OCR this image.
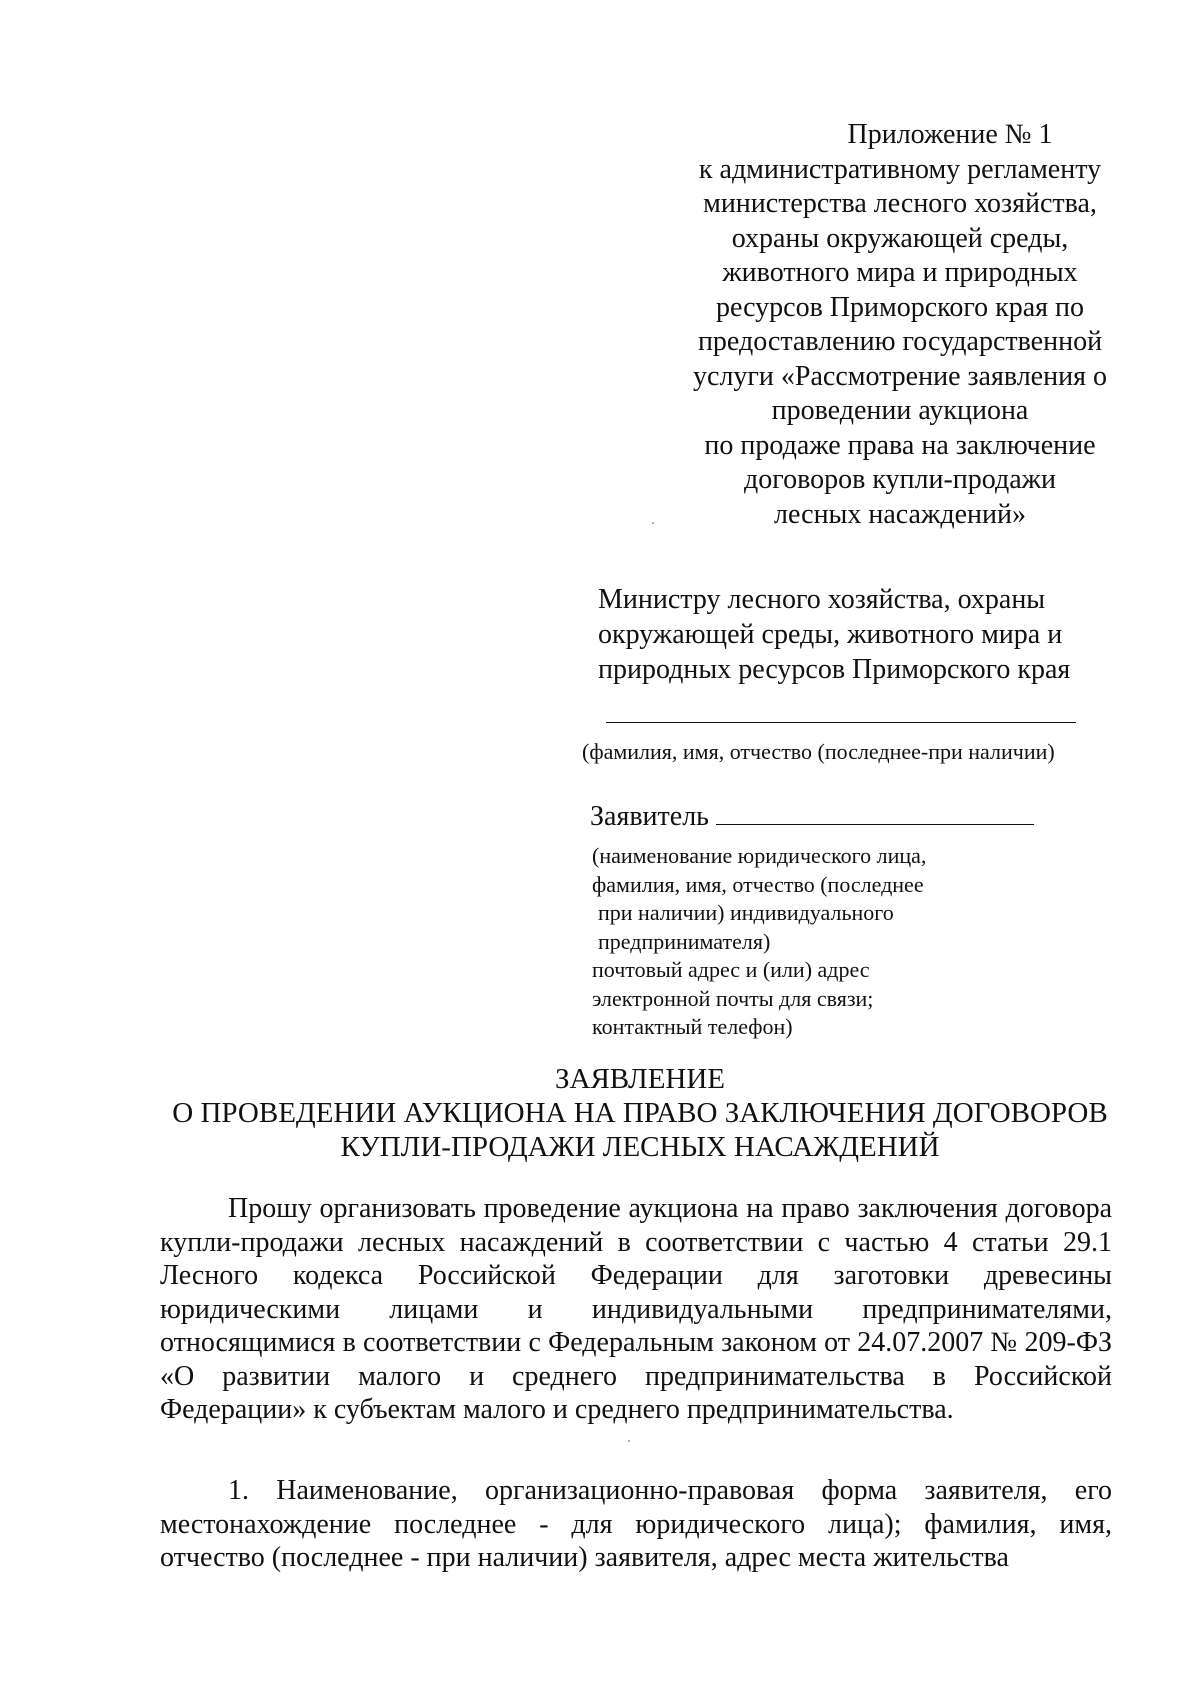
Приложение № 1
к административному регламенту
министерства лесного хозяйства,
охраны окружающей среды,
животного мира и природных
ресурсов Приморского края по
предоставлению государственной
услуги «Рассмотрение заявления о
проведении аукциона
по продаже права на заключение
договоров купли-продажи
лесных насаждений»
Министру лесного хозяйства, охраны
окружающей среды, животного мира и
природных ресурсов Приморского края
(фамилия, имя, отчество (последнее-при наличии)
Заявитель
(наименование юридического лица,
фамилия, имя, отчество (последнее
при наличии) индивидуального
предпринимателя)
почтовый адрес и (или) адрес
электронной почты для связи;
контактный телефон)
ЗАЯВЛЕНИЕ
О ПРОВЕДЕНИИ АУКЦИОНА НА ПРАВО ЗАКЛЮЧЕНИЯ ДОГОВОРОВ
КУПЛИ-ПРОДАЖИ ЛЕСНЫХ НАСАЖДЕНИЙ
Прошу организовать проведение аукциона на право заключения договора купли-продажи лесных насаждений в соответствии с частью 4 статьи 29.1 Лесного кодекса Российской Федерации для заготовки древесины юридическими лицами и индивидуальными предпринимателями, относящимися в соответствии с Федеральным законом от 24.07.2007 № 209-ФЗ «О развитии малого и среднего предпринимательства в Российской Федерации» к субъектам малого и среднего предпринимательства.
1. Наименование, организационно-правовая форма заявителя, его местонахождение последнее - для юридического лица); фамилия, имя, отчество (последнее - при наличии) заявителя, адрес места жительства
